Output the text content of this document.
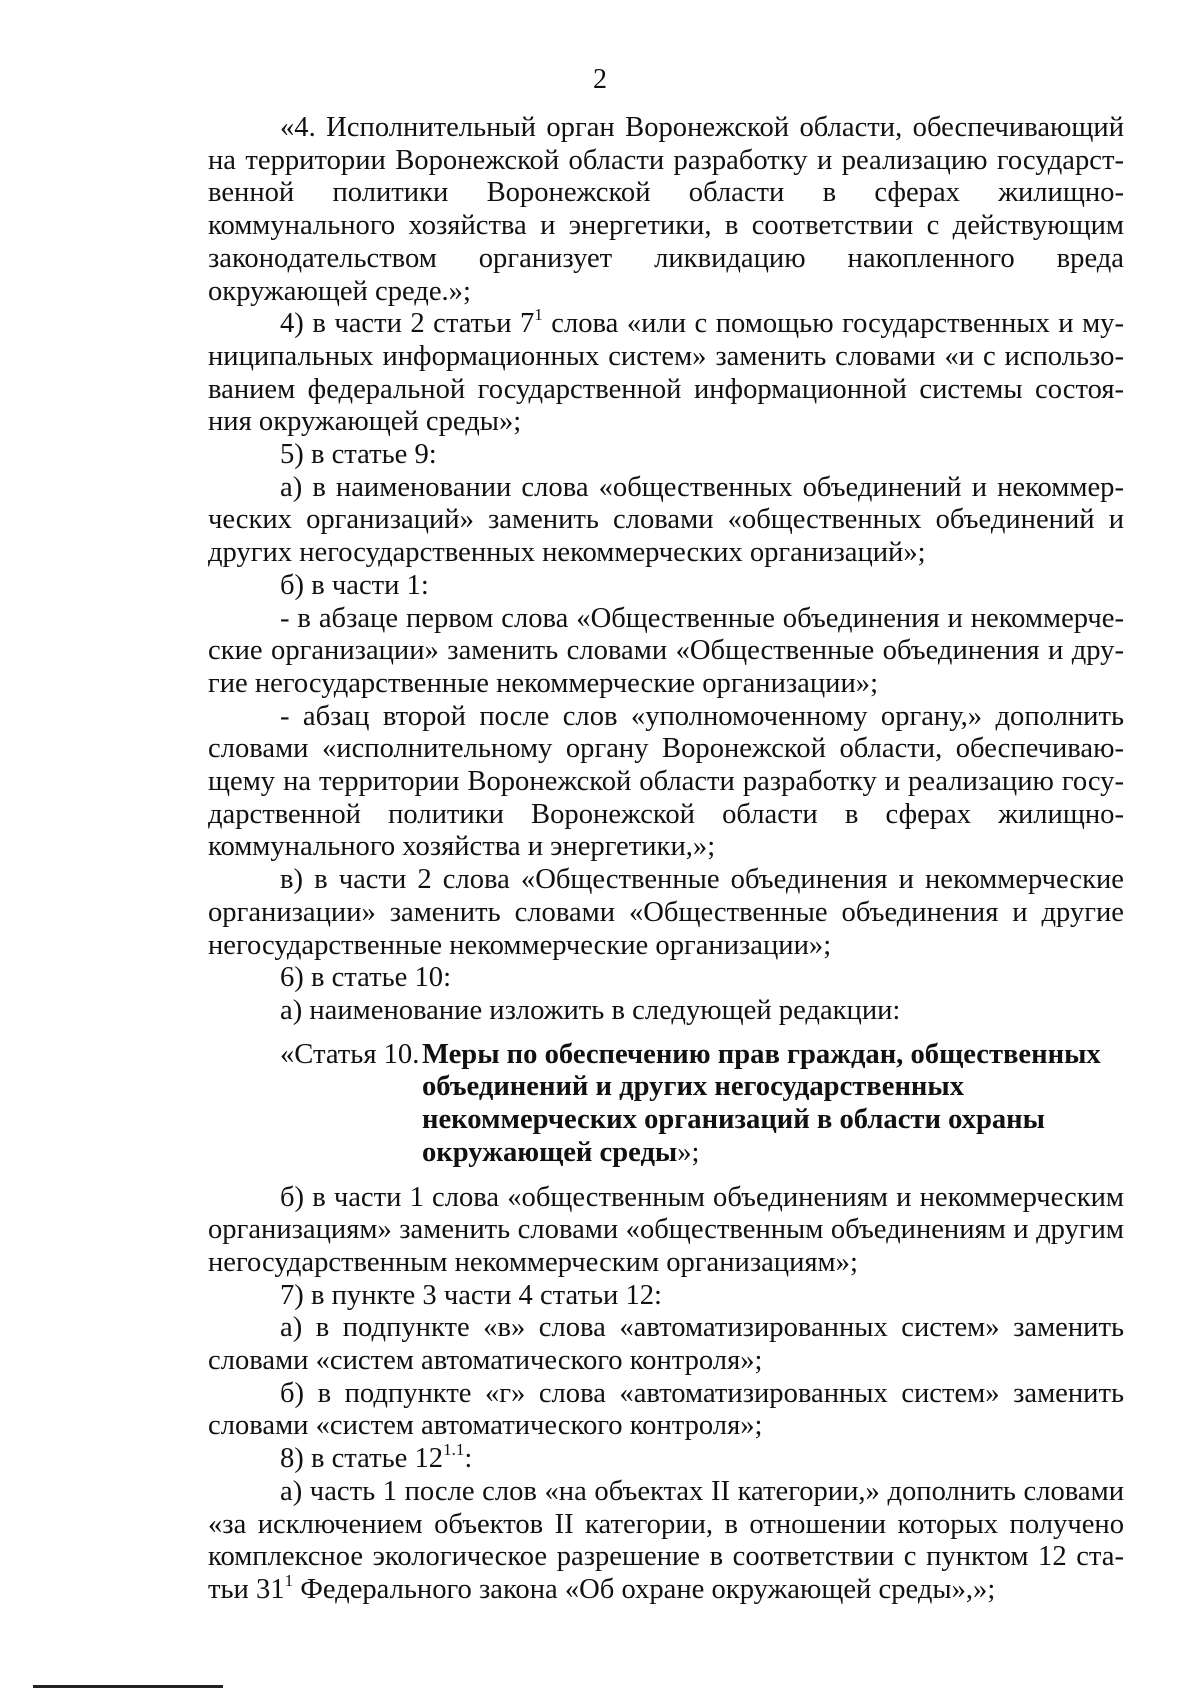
2

«4. Исполнительный орган Воронежской области, обеспечивающий на территории Воронежской области разработку и реализацию государственной политики Воронежской области в сферах жилищно-коммунального хозяйства и энергетики, в соответствии с действующим законодательством организует ликвидацию накопленного вреда окружающей среде.»;

4) в части 2 статьи $7^1$ слова «или с помощью государственных и муниципальных информационных систем» заменить словами «и с использованием федеральной государственной информационной системы состояния окружающей среды»;

5) в статье 9:

а) в наименовании слова «общественных объединений и некоммерческих организаций» заменить словами «общественных объединений и других негосударственных некоммерческих организаций»;

б) в части 1:

- в абзаце первом слова «Общественные объединения и некоммерческие организации» заменить словами «Общественные объединения и другие негосударственные некоммерческие организации»;

- абзац второй после слов «уполномоченному органу,» дополнить словами «исполнительному органу Воронежской области, обеспечивающему на территории Воронежской области разработку и реализацию государственной политики Воронежской области в сферах жилищно-коммунального хозяйства и энергетики,»;

в) в части 2 слова «Общественные объединения и некоммерческие организации» заменить словами «Общественные объединения и другие негосударственные некоммерческие организации»;

6) в статье 10:

а) наименование изложить в следующей редакции:

«Статья 10. Меры по обеспечению прав граждан, общественных объединений и других негосударственных некоммерческих организаций в области охраны окружающей среды»;

б) в части 1 слова «общественным объединениям и некоммерческим организациям» заменить словами «общественным объединениям и другим негосударственным некоммерческим организациям»;

7) в пункте 3 части 4 статьи 12:

а) в подпункте «в» слова «автоматизированных систем» заменить словами «систем автоматического контроля»;

б) в подпункте «г» слова «автоматизированных систем» заменить словами «систем автоматического контроля»;

8) в статье $12^{1.1}$:

а) часть 1 после слов «на объектах II категории,» дополнить словами «за исключением объектов II категории, в отношении которых получено комплексное экологическое разрешение в соответствии с пунктом 12 статьи $31^1$ Федерального закона «Об охране окружающей среды»,»;
